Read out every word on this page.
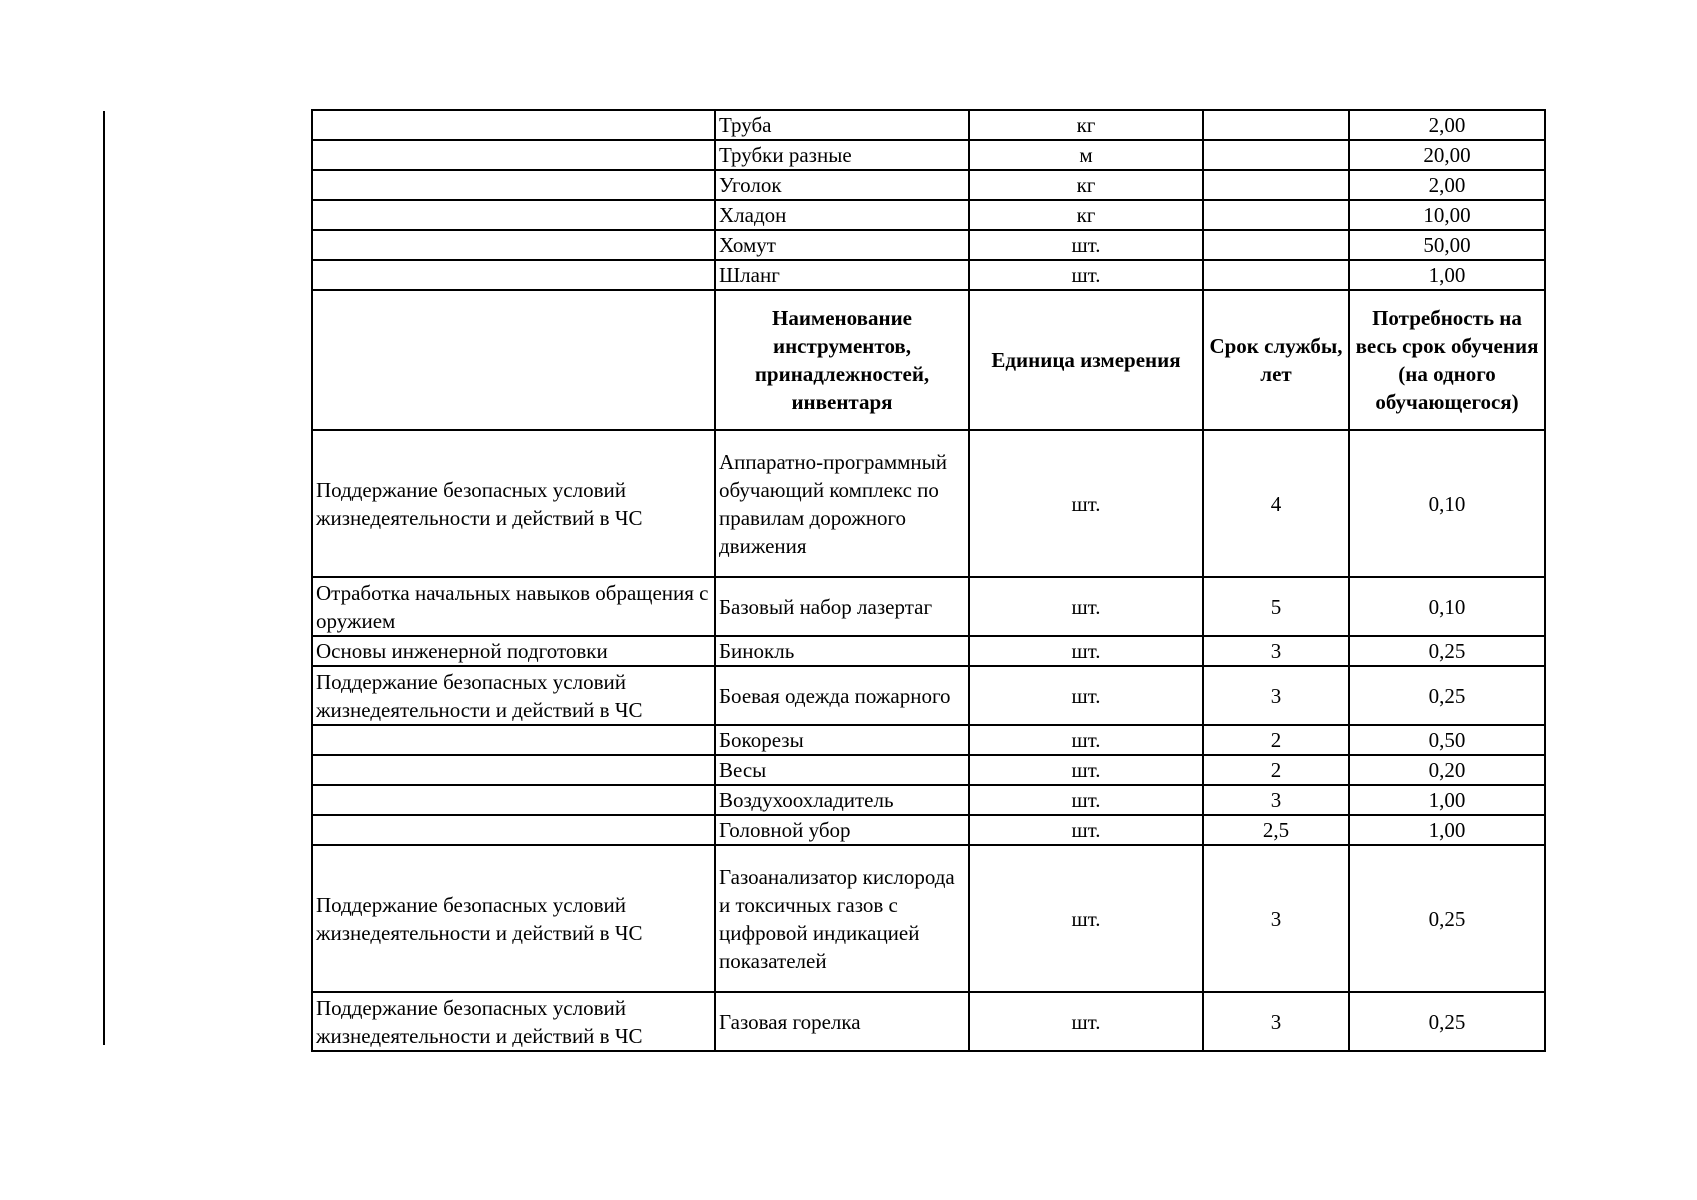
	Труба	кг		2,00
	Трубки разные	м		20,00
	Уголок	кг		2,00
	Хладон	кг		10,00
	Хомут	шт.		50,00
	Шланг	шт.		1,00
	Наименование инструментов, принадлежностей, инвентаря	Единица измерения	Срок службы, лет	Потребность на весь срок обучения (на одного обучающегося)
Поддержание безопасных условий жизнедеятельности и действий в ЧС	Аппаратно-программный обучающий комплекс по правилам дорожного движения	шт.	4	0,10
Отработка начальных навыков обращения с оружием	Базовый набор лазертаг	шт.	5	0,10
Основы инженерной подготовки	Бинокль	шт.	3	0,25
Поддержание безопасных условий жизнедеятельности и действий в ЧС	Боевая одежда пожарного	шт.	3	0,25
	Бокорезы	шт.	2	0,50
	Весы	шт.	2	0,20
	Воздухоохладитель	шт.	3	1,00
	Головной убор	шт.	2,5	1,00
Поддержание безопасных условий жизнедеятельности и действий в ЧС	Газоанализатор кислорода и токсичных газов с цифровой индикацией показателей	шт.	3	0,25
Поддержание безопасных условий жизнедеятельности и действий в ЧС	Газовая горелка	шт.	3	0,25
